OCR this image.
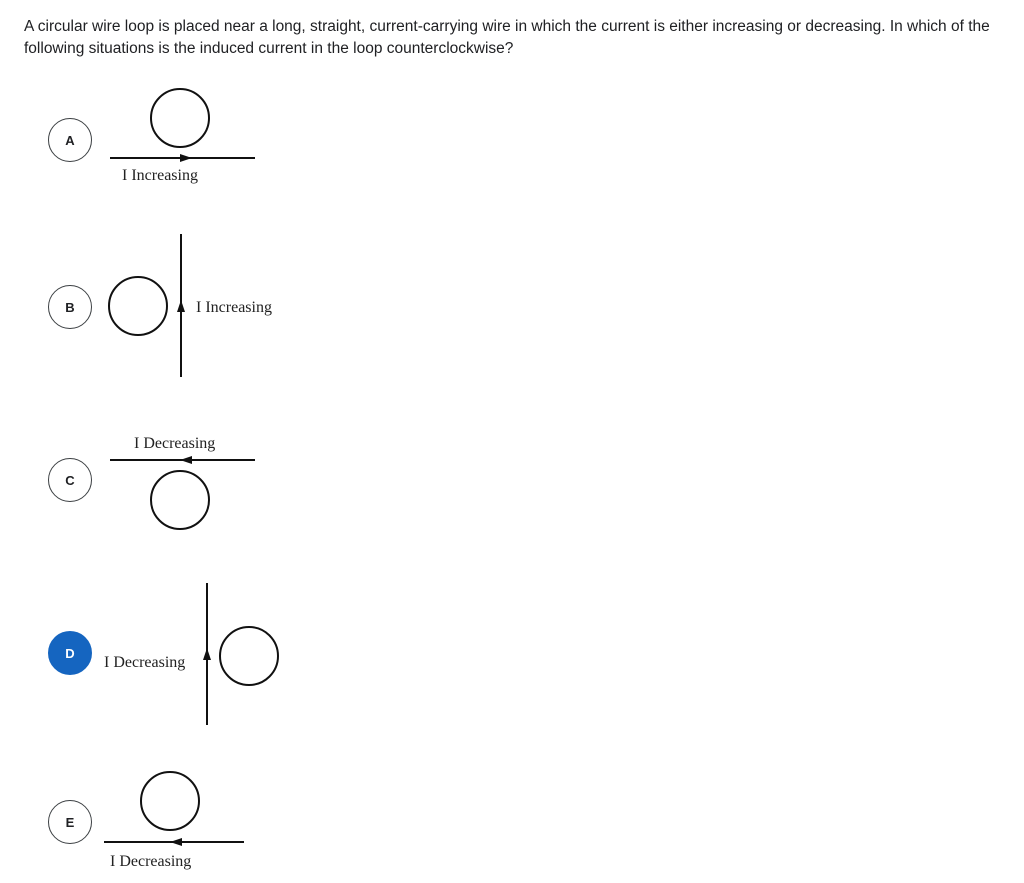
A circular wire loop is placed near a long, straight, current-carrying wire in which the current is either increasing or decreasing. In which of the following situations is the induced current in the loop counterclockwise?

A
I Increasing
B	I Increasing
C
I Decreasing
D
I Decreasing
E
I Decreasing
